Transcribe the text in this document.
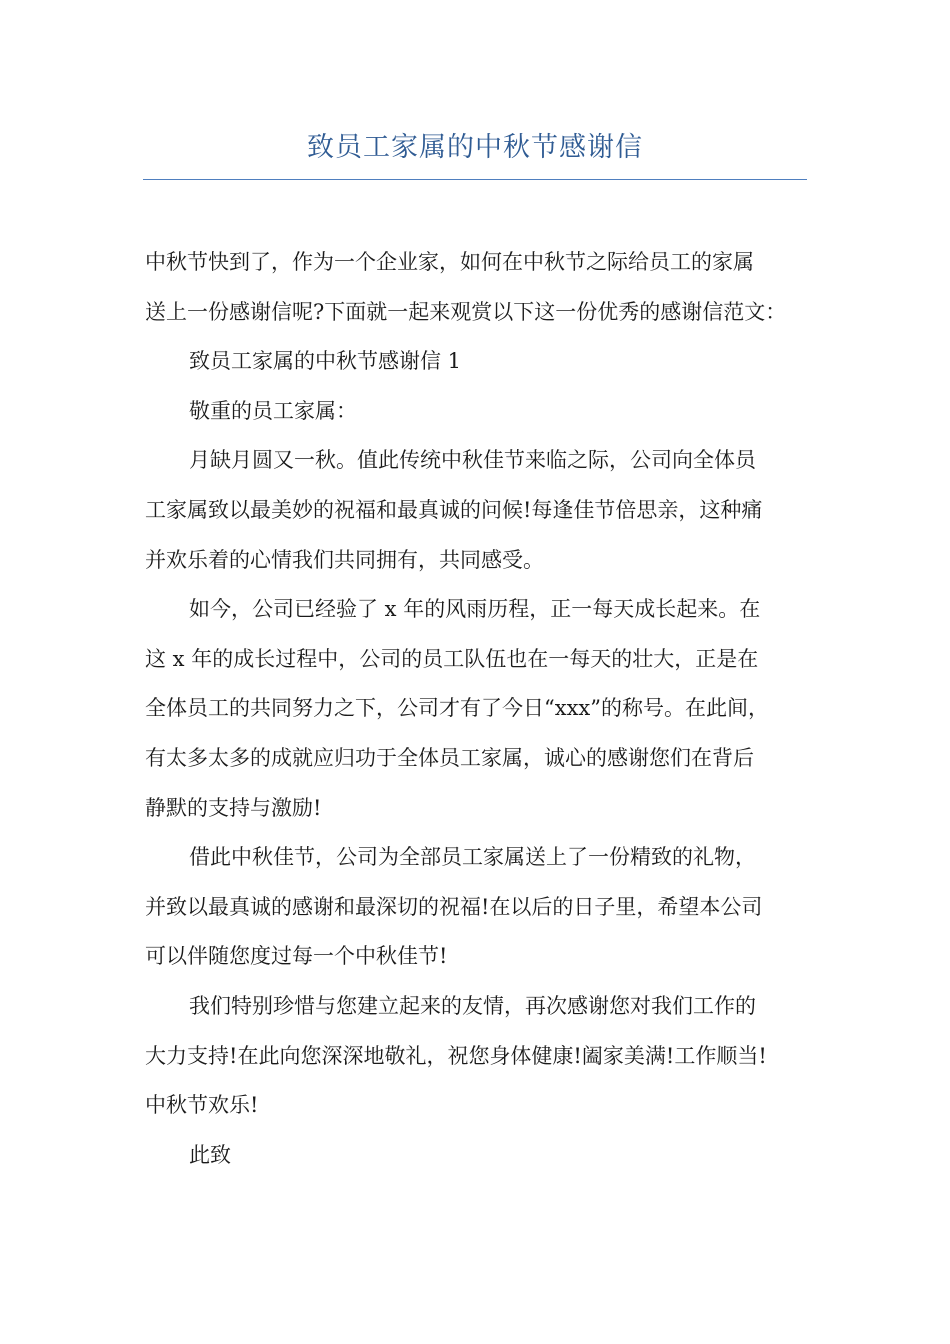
致员工家属的中秋节感谢信
中秋节快到了，作为一个企业家，如何在中秋节之际给员工的家属
送上一份感谢信呢?下面就一起来观赏以下这一份优秀的感谢信范文：
致员工家属的中秋节感谢信 1
敬重的员工家属：
月缺月圆又一秋。值此传统中秋佳节来临之际，公司向全体员
工家属致以最美妙的祝福和最真诚的问候!每逢佳节倍思亲，这种痛
并欢乐着的心情我们共同拥有，共同感受。
如今，公司已经验了 x 年的风雨历程，正一每天成长起来。在
这 x 年的成长过程中，公司的员工队伍也在一每天的壮大，正是在
全体员工的共同努力之下，公司才有了今日“xxx”的称号。在此间，
有太多太多的成就应归功于全体员工家属，诚心的感谢您们在背后
静默的支持与激励!
借此中秋佳节，公司为全部员工家属送上了一份精致的礼物，
并致以最真诚的感谢和最深切的祝福!在以后的日子里，希望本公司
可以伴随您度过每一个中秋佳节!
我们特别珍惜与您建立起来的友情，再次感谢您对我们工作的
大力支持!在此向您深深地敬礼，祝您身体健康!阖家美满!工作顺当!
中秋节欢乐!
此致
